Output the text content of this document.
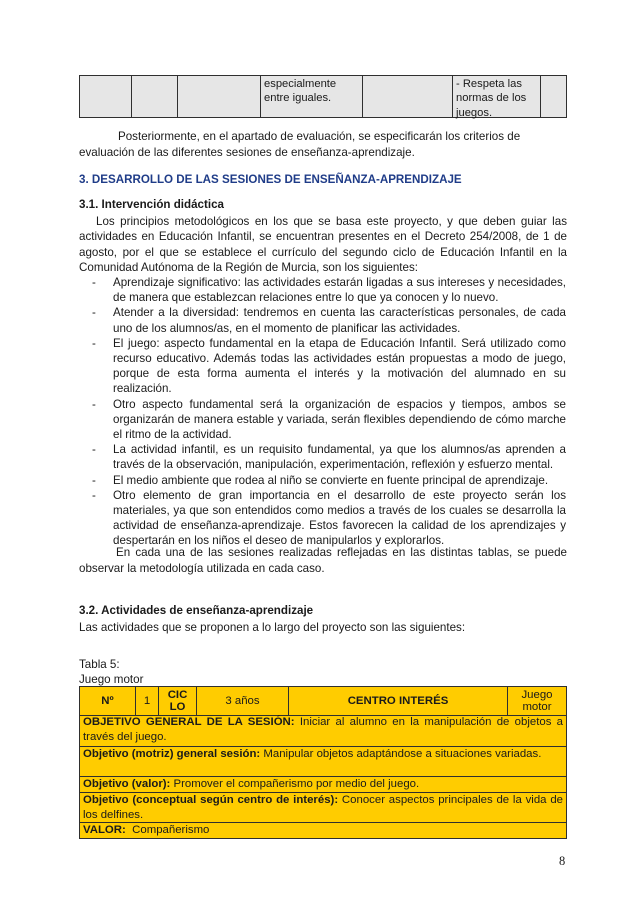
especialmente entre iguales.
- Respeta las normas de los juegos.
Posteriormente, en el apartado de evaluación, se especificarán los criterios de
evaluación de las diferentes sesiones de enseñanza-aprendizaje.
3. DESARROLLO DE LAS SESIONES DE ENSEÑANZA-APRENDIZAJE
3.1. Intervención didáctica
Los principios metodológicos en los que se basa este proyecto, y que deben guiar las actividades en Educación Infantil, se encuentran presentes en el Decreto 254/2008, de 1 de agosto, por el que se establece el currículo del segundo ciclo de Educación Infantil en la Comunidad Autónoma de la Región de Murcia, son los siguientes:
- Aprendizaje significativo: las actividades estarán ligadas a sus intereses y necesidades, de manera que establezcan relaciones entre lo que ya conocen y lo nuevo.
- Atender a la diversidad: tendremos en cuenta las características personales, de cada uno de los alumnos/as, en el momento de planificar las actividades.
- El juego: aspecto fundamental en la etapa de Educación Infantil. Será utilizado como recurso educativo. Además todas las actividades están propuestas a modo de juego, porque de esta forma aumenta el interés y la motivación del alumnado en su realización.
- Otro aspecto fundamental será la organización de espacios y tiempos, ambos se organizarán de manera estable y variada, serán flexibles dependiendo de cómo marche el ritmo de la actividad.
- La actividad infantil, es un requisito fundamental, ya que los alumnos/as aprenden a través de la observación, manipulación, experimentación, reflexión y esfuerzo mental.
- El medio ambiente que rodea al niño se convierte en fuente principal de aprendizaje.
- Otro elemento de gran importancia en el desarrollo de este proyecto serán los materiales, ya que son entendidos como medios a través de los cuales se desarrolla la actividad de enseñanza-aprendizaje. Estos favorecen la calidad de los aprendizajes y despertarán en los niños el deseo de manipularlos y explorarlos.
En cada una de las sesiones realizadas reflejadas en las distintas tablas, se puede observar la metodología utilizada en cada caso.
3.2. Actividades de enseñanza-aprendizaje
Las actividades que se proponen a lo largo del proyecto son las siguientes:
Tabla 5:
Juego motor
Nº	1
CIC
LO
3 años	CENTRO INTERÉS
Juego
motor
OBJETIVO GENERAL DE LA SESIÓN: Iniciar al alumno en la manipulación de objetos a través del juego.
Objetivo (motriz) general sesión: Manipular objetos adaptándose a situaciones variadas.
Objetivo (valor): Promover el compañerismo por medio del juego.
Objetivo (conceptual según centro de interés): Conocer aspectos principales de la vida de los delfines.
VALOR:  Compañerismo
8
